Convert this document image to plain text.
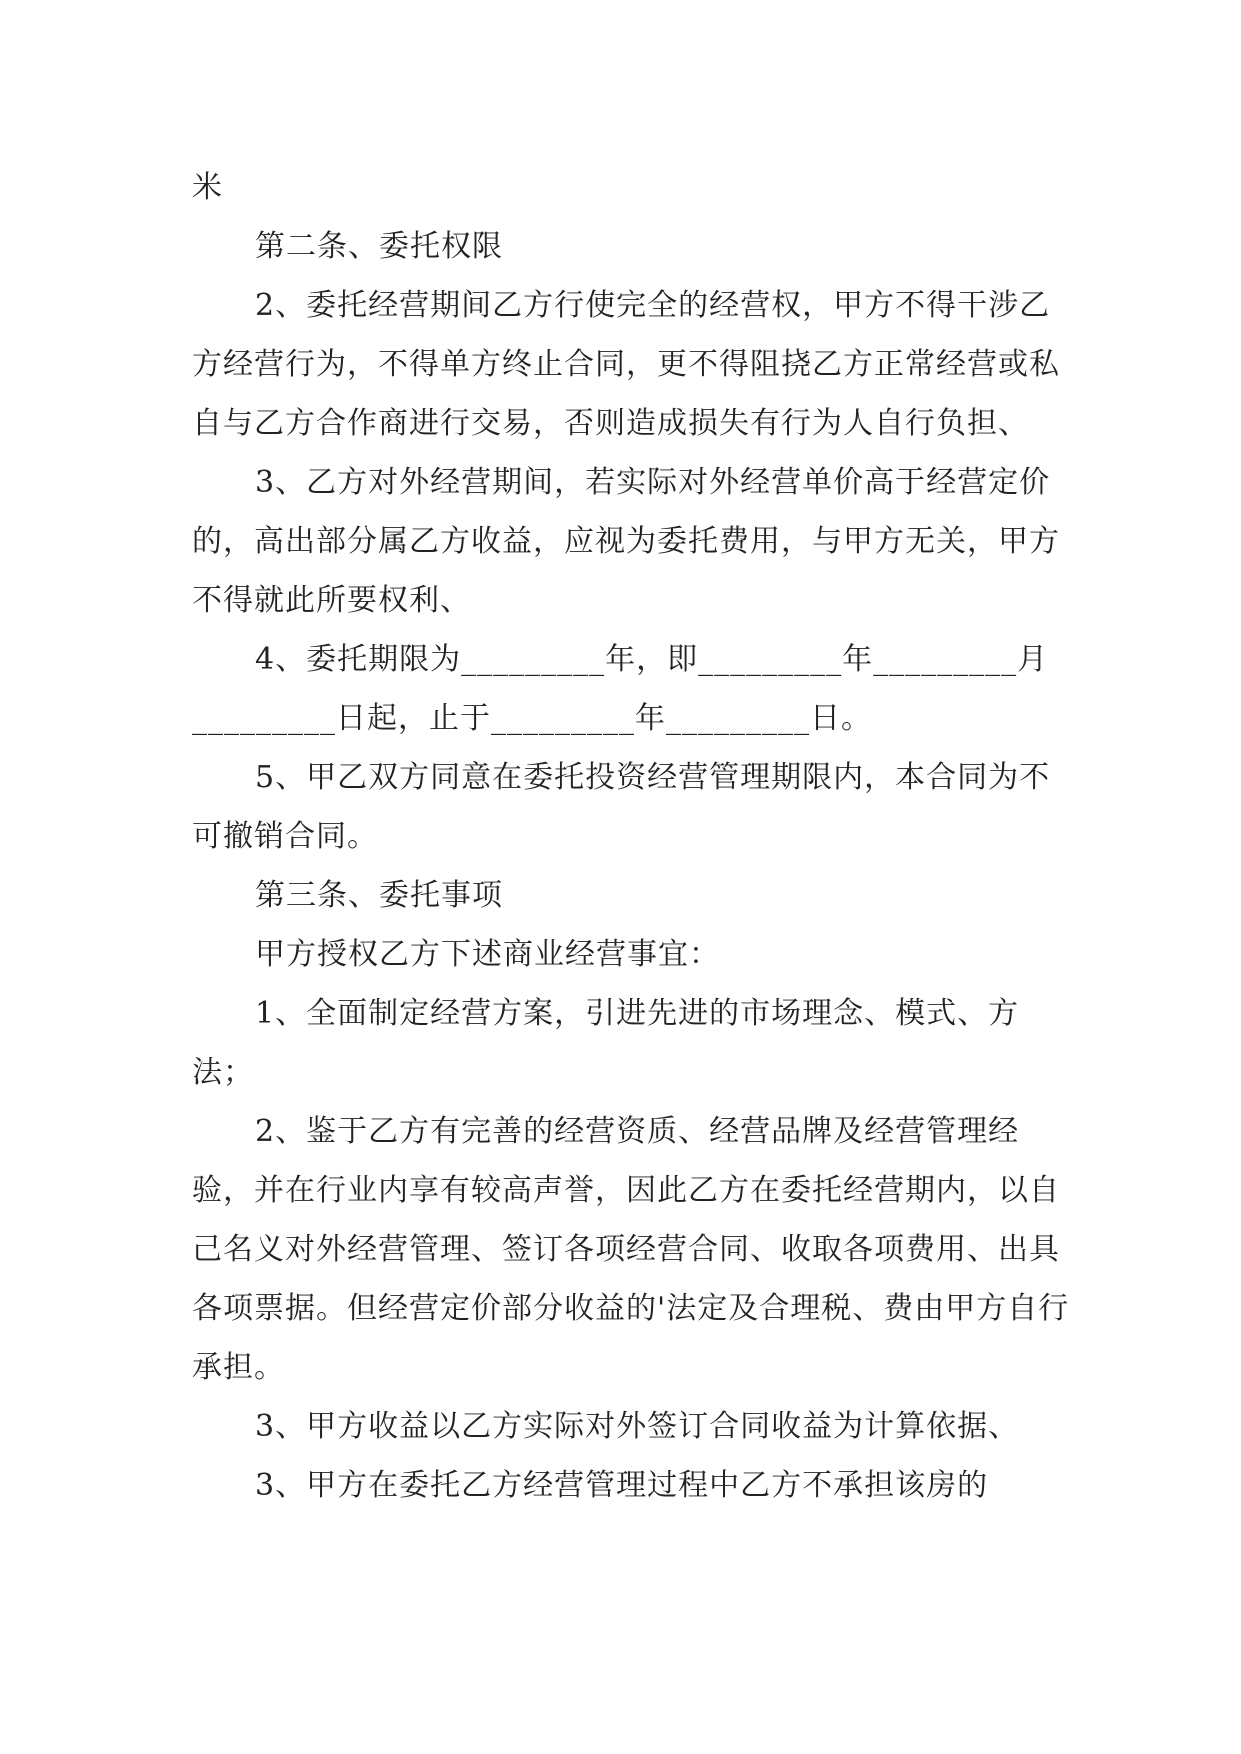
米

第二条、委托权限

2、委托经营期间乙方行使完全的经营权，甲方不得干涉乙方经营行为，不得单方终止合同，更不得阻挠乙方正常经营或私自与乙方合作商进行交易，否则造成损失有行为人自行负担、

3、乙方对外经营期间，若实际对外经营单价高于经营定价的，高出部分属乙方收益，应视为委托费用，与甲方无关，甲方不得就此所要权利、

4、委托期限为_________年，即_________年_________月_________日起，止于_________年_________日。

5、甲乙双方同意在委托投资经营管理期限内，本合同为不可撤销合同。

第三条、委托事项

甲方授权乙方下述商业经营事宜：

1、全面制定经营方案，引进先进的市场理念、模式、方法；

2、鉴于乙方有完善的经营资质、经营品牌及经营管理经验，并在行业内享有较高声誉，因此乙方在委托经营期内，以自己名义对外经营管理、签订各项经营合同、收取各项费用、出具各项票据。但经营定价部分收益的'法定及合理税、费由甲方自行承担。

3、甲方收益以乙方实际对外签订合同收益为计算依据、

3、甲方在委托乙方经营管理过程中乙方不承担该房的
